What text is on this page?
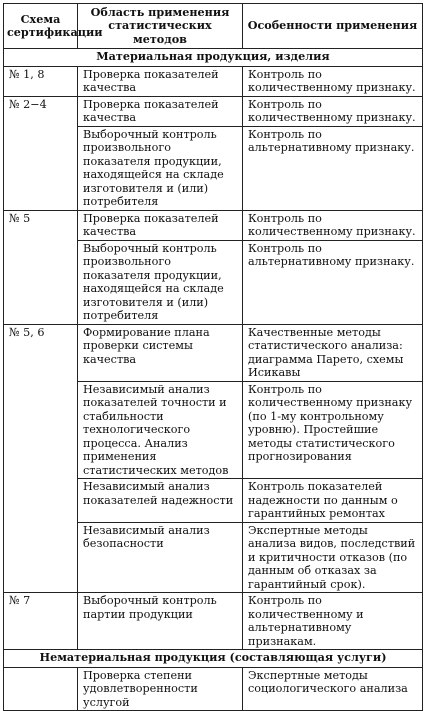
Схема сертификации	Область применения статистических методов	Особенности применения
Материальная продукция, изделия		
№ 1, 8	Проверка показателей качества	Контроль по количественному признаку.
№ 2−4	Проверка показателей качества	Контроль по количественному признаку.
	Выборочный контроль произвольного показателя продукции, находящейся на складе изготовителя и (или) потребителя	Контроль по альтернативному признаку.
№ 5	Проверка показателей качества	Контроль по количественному признаку.
	Выборочный контроль произвольного показателя продукции, находящейся на складе изготовителя и (или) потребителя	Контроль по альтернативному признаку.
№ 5, 6	Формирование плана проверки системы качества	Качественные методы статистического анализа: диаграмма Парето, схемы Исикавы
	Независимый анализ показателей точности и стабильности технологического процесса. Анализ применения статистических методов	Контроль по количественному признаку (по 1-му контрольному уровню). Простейшие методы статистического прогнозирования
	Независимый анализ показателей надежности	Контроль показателей надежности по данным о гарантийных ремонтах
	Независимый анализ безопасности	Экспертные методы анализа видов, последствий и критичности отказов (по данным об отказах за гарантийный срок).
№ 7	Выборочный контроль партии продукции	Контроль по количественному и альтернативному признакам.
Нематериальная продукция (составляющая услуги)		
	Проверка степени удовлетворенности услугой	Экспертные методы социологического анализа
